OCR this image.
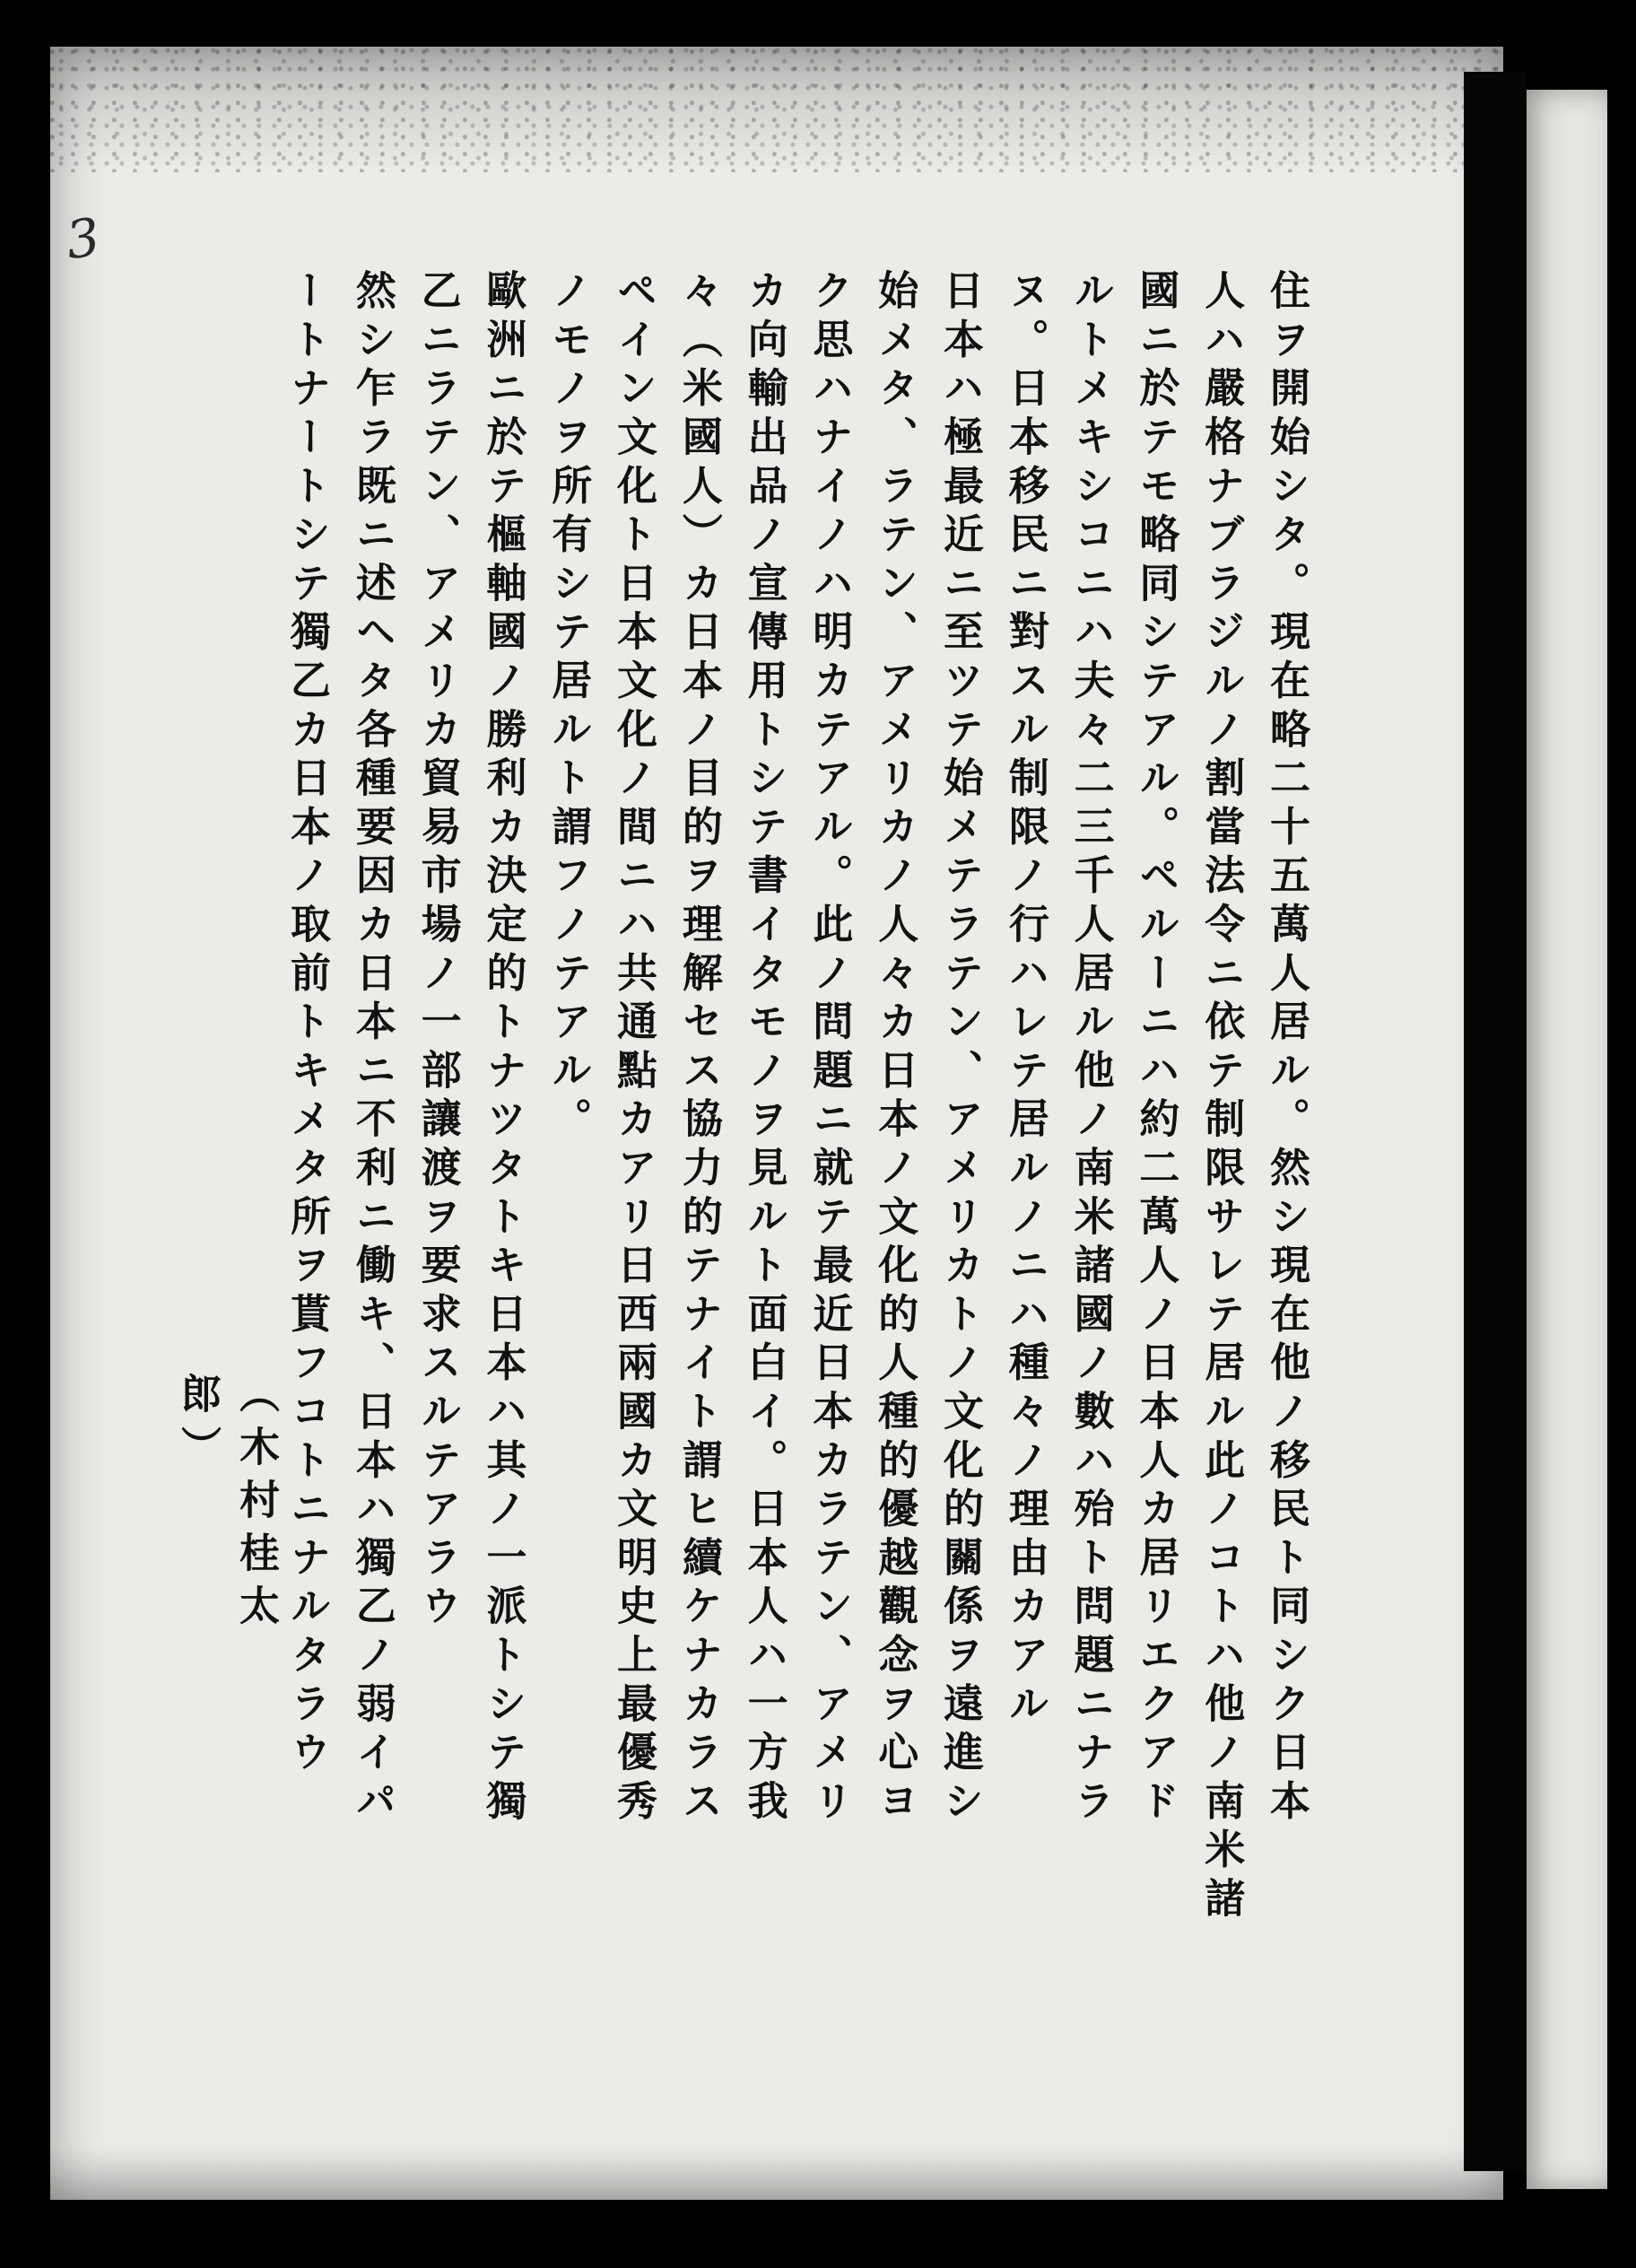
3
住ヲ開始シタ。現在略二十五萬人居ル。然シ現在他ノ移民ト同シク日本
人ハ嚴格ナブラジルノ割當法令ニ依テ制限サレテ居ル此ノコトハ他ノ南米諸
國ニ於テモ略同シテアル。ペルーニハ約二萬人ノ日本人カ居リエクアド
ルトメキシコニハ夫々二三千人居ル他ノ南米諸國ノ數ハ殆ト問題ニナラ
ヌ。日本移民ニ對スル制限ノ行ハレテ居ルノニハ種々ノ理由カアル
日本ハ極最近ニ至ツテ始メテラテン、アメリカトノ文化的關係ヲ遠進シ
始メタ、ラテン、アメリカノ人々カ日本ノ文化的人種的優越觀念ヲ心ヨ
ク思ハナイノハ明カテアル。此ノ問題ニ就テ最近日本カラテン、アメリ
カ向輸出品ノ宣傳用トシテ書イタモノヲ見ルト面白イ。日本人ハ一方我
々（米國人）カ日本ノ目的ヲ理解セス協力的テナイト謂ヒ續ケナカラス
ペイン文化ト日本文化ノ間ニハ共通點カアリ日西兩國カ文明史上最優秀
ノモノヲ所有シテ居ルト謂フノテアル。
歐洲ニ於テ樞軸國ノ勝利カ決定的トナツタトキ日本ハ其ノ一派トシテ獨
乙ニラテン、アメリカ貿易市場ノ一部讓渡ヲ要求スルテアラウ
然シ乍ラ既ニ述ヘタ各種要因カ日本ニ不利ニ働キ、日本ハ獨乙ノ弱イパ
ートナートシテ獨乙カ日本ノ取前トキメタ所ヲ貰フコトニナルタラウ
（木村桂太郎）
